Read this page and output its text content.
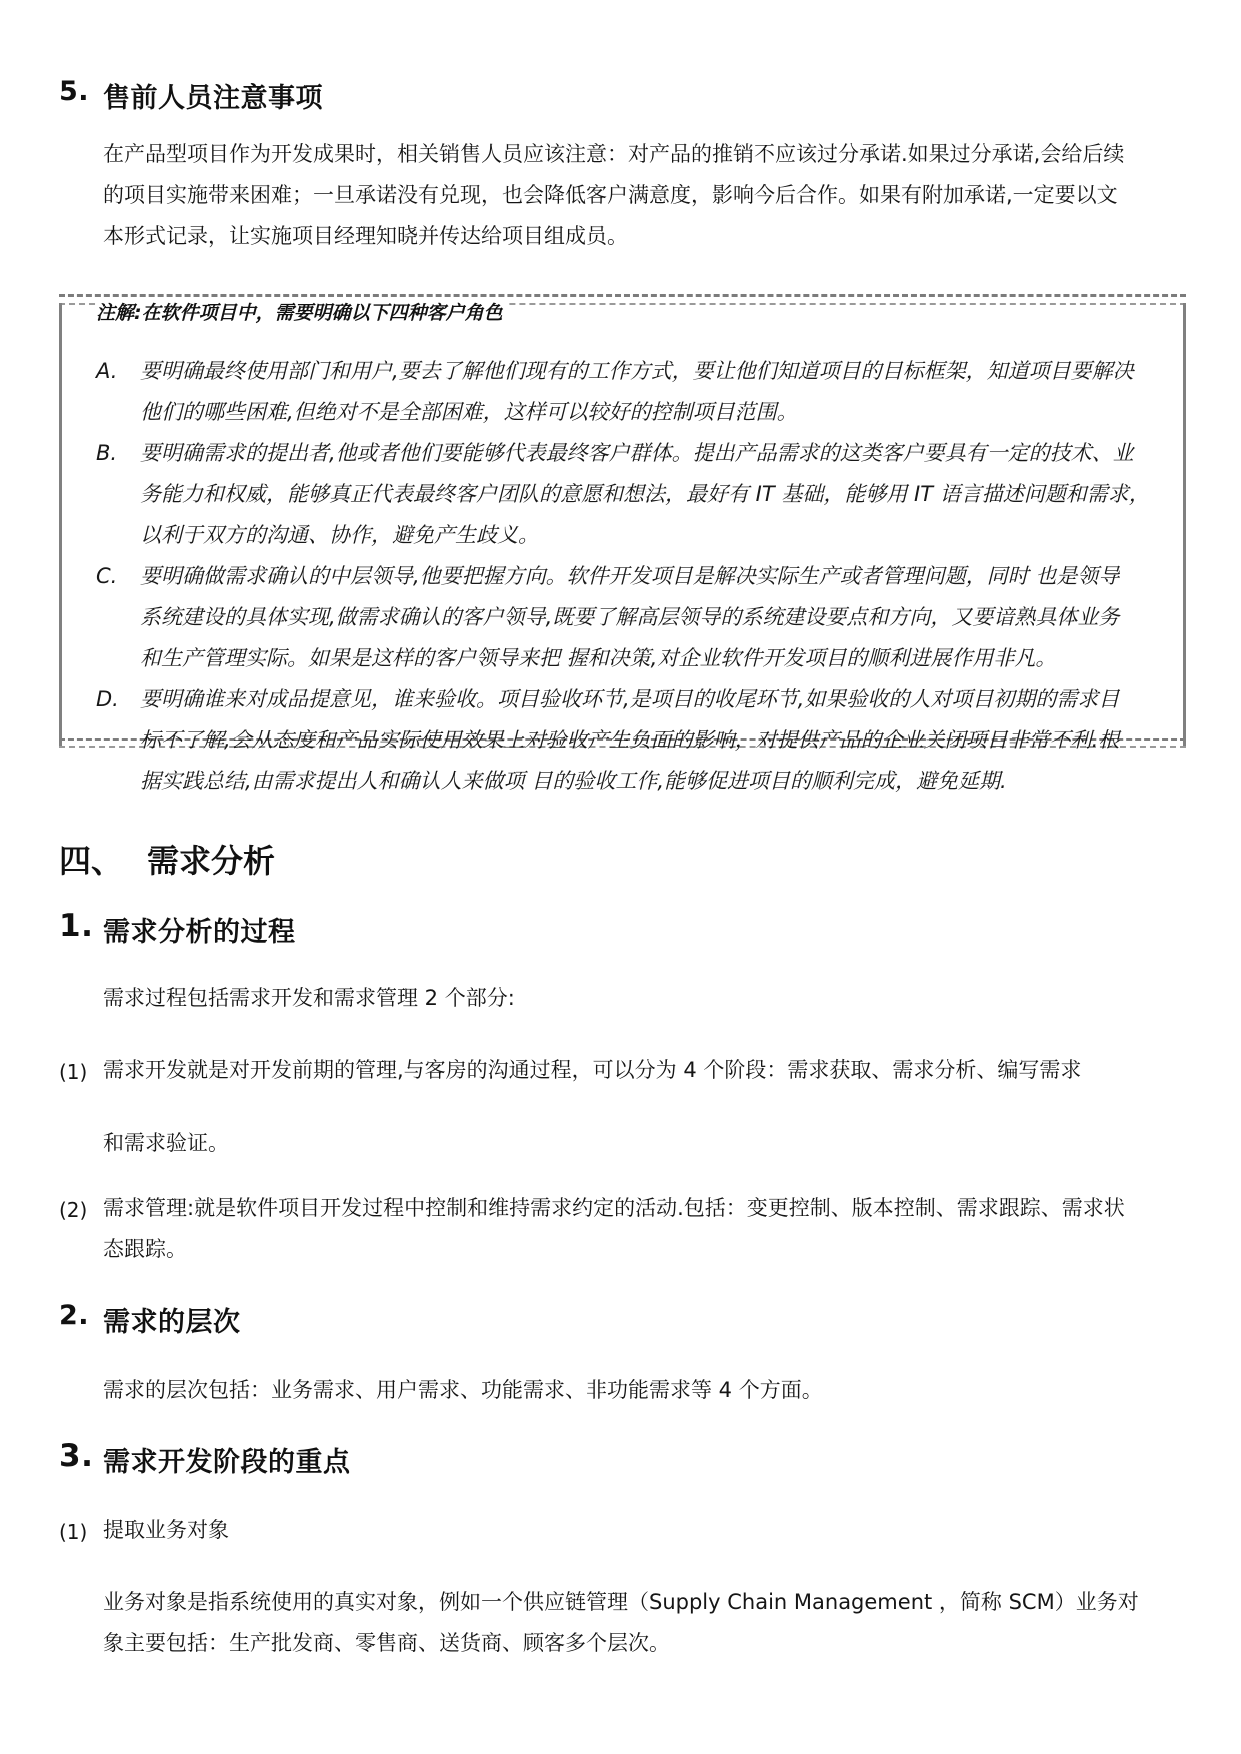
5. 售前人员注意事项
在产品型项目作为开发成果时，相关销售人员应该注意：对产品的推销不应该过分承诺.如果过分承诺,会给后续
的项目实施带来困难；一旦承诺没有兑现，也会降低客户满意度，影响今后合作。如果有附加承诺,一定要以文
本形式记录，让实施项目经理知晓并传达给项目组成员。
注解:在软件项目中，需要明确以下四种客户角色
A. 要明确最终使用部门和用户,要去了解他们现有的工作方式，要让他们知道项目的目标框架，知道项目要解决
他们的哪些困难,但绝对不是全部困难，这样可以较好的控制项目范围。
B. 要明确需求的提出者,他或者他们要能够代表最终客户群体。提出产品需求的这类客户要具有一定的技术、业
务能力和权威，能够真正代表最终客户团队的意愿和想法，最好有 IT 基础，能够用 IT 语言描述问题和需求，
以利于双方的沟通、协作，避免产生歧义。
C. 要明确做需求确认的中层领导,他要把握方向。软件开发项目是解决实际生产或者管理问题，同时 也是领导
系统建设的具体实现,做需求确认的客户领导,既要了解高层领导的系统建设要点和方向，又要谙熟具体业务
和生产管理实际。如果是这样的客户领导来把 握和决策,对企业软件开发项目的顺利进展作用非凡。
D. 要明确谁来对成品提意见，谁来验收。项目验收环节,是项目的收尾环节,如果验收的人对项目初期的需求目
标不了解,会从态度和产品实际使用效果上对验收产生负面的影响，对提供产品的企业关闭项目非常不利.根
据实践总结,由需求提出人和确认人来做项 目的验收工作,能够促进项目的顺利完成，避免延期.
四、 需求分析
1. 需求分析的过程
需求过程包括需求开发和需求管理 2 个部分:
(1) 需求开发就是对开发前期的管理,与客房的沟通过程，可以分为 4 个阶段：需求获取、需求分析、编写需求
和需求验证。
(2) 需求管理:就是软件项目开发过程中控制和维持需求约定的活动.包括：变更控制、版本控制、需求跟踪、需求状
态跟踪。
2. 需求的层次
需求的层次包括：业务需求、用户需求、功能需求、非功能需求等 4 个方面。
3. 需求开发阶段的重点
(1) 提取业务对象
业务对象是指系统使用的真实对象，例如一个供应链管理（Supply Chain Management ，简称 SCM）业务对
象主要包括：生产批发商、零售商、送货商、顾客多个层次。
